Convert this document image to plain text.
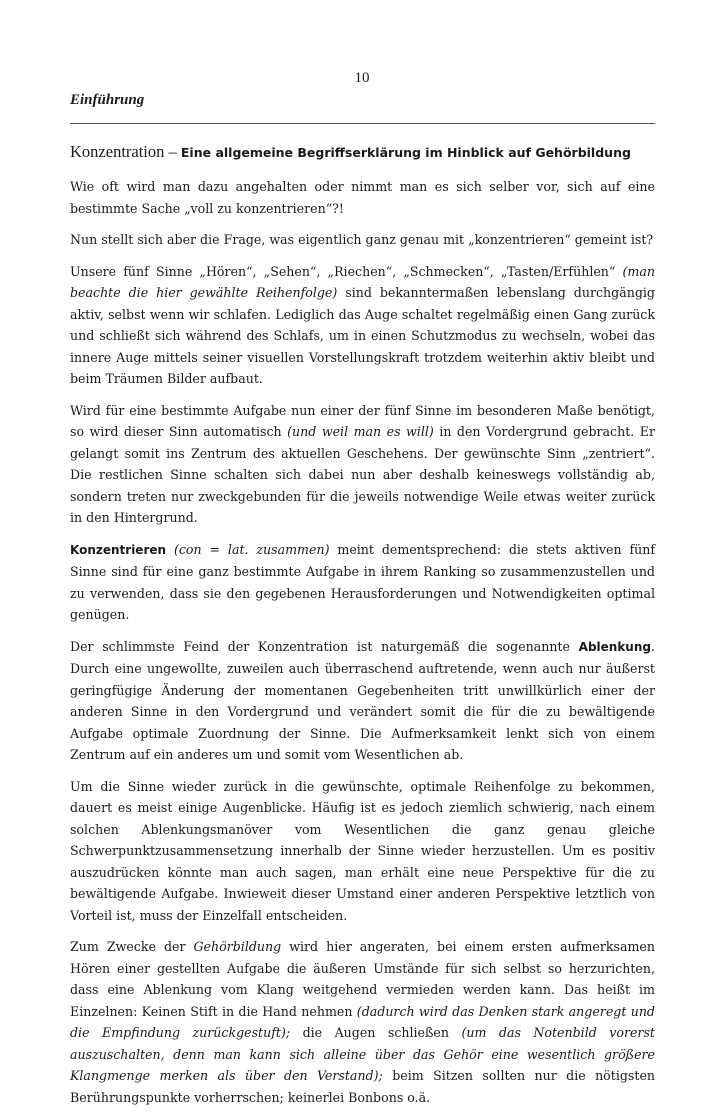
10
Einführung
Konzentration – Eine allgemeine Begriffserklärung im Hinblick auf Gehörbildung

Wie oft wird man dazu angehalten oder nimmt man es sich selber vor, sich auf eine bestimmte Sache „voll zu konzentrieren“?!

Nun stellt sich aber die Frage, was eigentlich ganz genau mit „konzentrieren“ gemeint ist?

Unsere fünf Sinne „Hören“, „Sehen“, „Riechen“, „Schmecken“, „Tasten/Erfühlen“ (man beachte die hier gewählte Reihenfolge) sind bekanntermaßen lebenslang durchgängig aktiv, selbst wenn wir schlafen. Lediglich das Auge schaltet regelmäßig einen Gang zurück und schließt sich während des Schlafs, um in einen Schutzmodus zu wechseln, wobei das innere Auge mittels seiner visuellen Vorstellungskraft trotzdem weiterhin aktiv bleibt und beim Träumen Bilder aufbaut.

Wird für eine bestimmte Aufgabe nun einer der fünf Sinne im besonderen Maße benötigt, so wird dieser Sinn automatisch (und weil man es will) in den Vordergrund gebracht. Er gelangt somit ins Zentrum des aktuellen Geschehens. Der gewünschte Sinn „zentriert“. Die restlichen Sinne schalten sich dabei nun aber deshalb keineswegs vollständig ab, sondern treten nur zweckgebunden für die jeweils notwendige Weile etwas weiter zurück in den Hintergrund.

Konzentrieren (con = lat. zusammen) meint dementsprechend: die stets aktiven fünf Sinne sind für eine ganz bestimmte Aufgabe in ihrem Ranking so zusammenzustellen und zu verwenden, dass sie den gegebenen Herausforderungen und Notwendigkeiten optimal genügen.

Der schlimmste Feind der Konzentration ist naturgemäß die sogenannte Ablenkung. Durch eine ungewollte, zuweilen auch überraschend auftretende, wenn auch nur äußerst geringfügige Änderung der momentanen Gegebenheiten tritt unwillkürlich einer der anderen Sinne in den Vordergrund und verändert somit die für die zu bewältigende Aufgabe optimale Zuordnung der Sinne. Die Aufmerksamkeit lenkt sich von einem Zentrum auf ein anderes um und somit vom Wesentlichen ab.

Um die Sinne wieder zurück in die gewünschte, optimale Reihenfolge zu bekommen, dauert es meist einige Augenblicke. Häufig ist es jedoch ziemlich schwierig, nach einem solchen Ablenkungsmanöver vom Wesentlichen die ganz genau gleiche Schwerpunktzusammensetzung innerhalb der Sinne wieder herzustellen. Um es positiv auszudrücken könnte man auch sagen, man erhält eine neue Perspektive für die zu bewältigende Aufgabe. Inwieweit dieser Umstand einer anderen Perspektive letztlich von Vorteil ist, muss der Einzelfall entscheiden.

Zum Zwecke der Gehörbildung wird hier angeraten, bei einem ersten aufmerksamen Hören einer gestellten Aufgabe die äußeren Umstände für sich selbst so herzurichten, dass eine Ablenkung vom Klang weitgehend vermieden werden kann. Das heißt im Einzelnen: Keinen Stift in die Hand nehmen (dadurch wird das Denken stark angeregt und die Empfindung zurückgestuft); die Augen schließen (um das Notenbild vorerst auszuschalten, denn man kann sich alleine über das Gehör eine wesentlich größere Klangmenge merken als über den Verstand); beim Sitzen sollten nur die nötigsten Berührungspunkte vorherrschen; keinerlei Bonbons o.ä.
